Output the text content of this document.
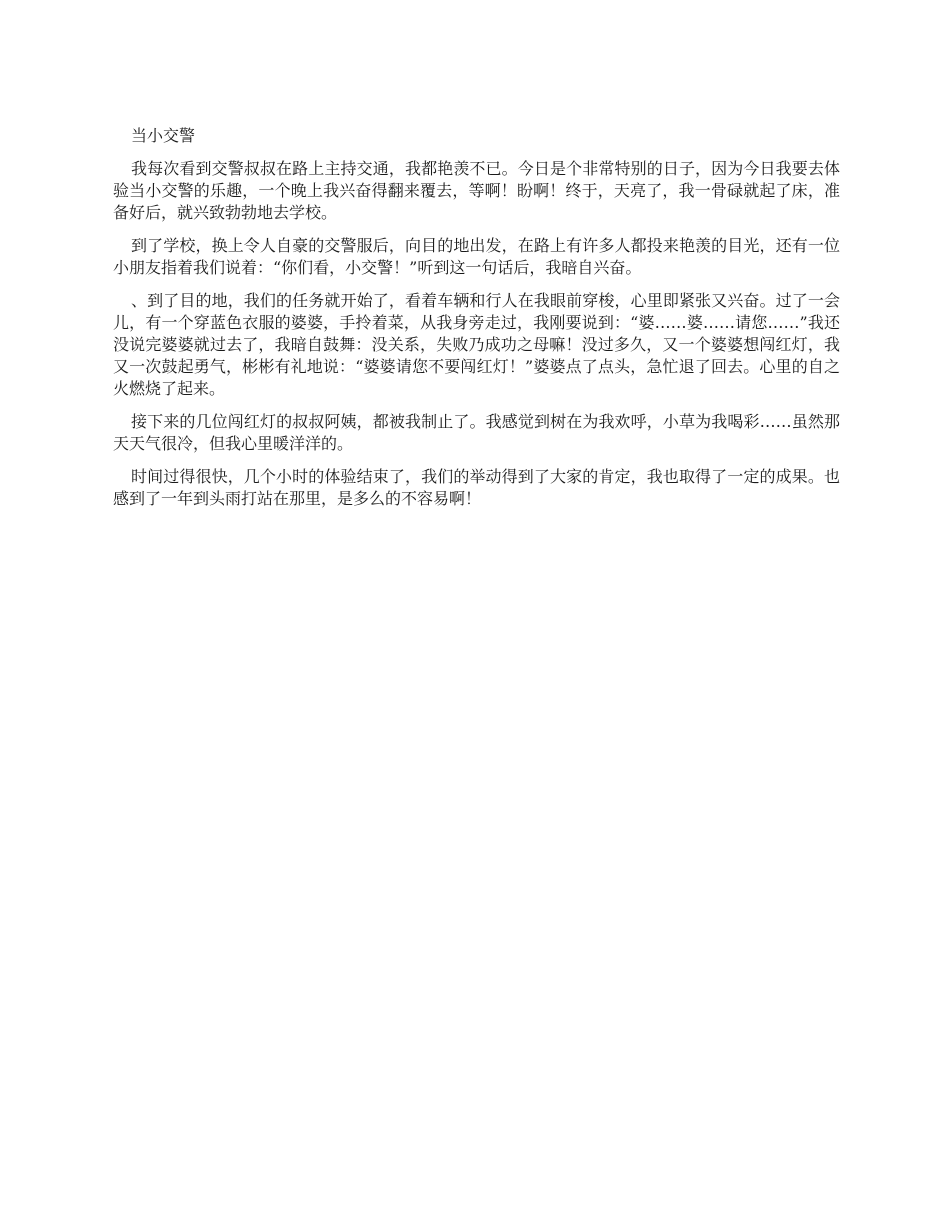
当小交警

我每次看到交警叔叔在路上主持交通，我都艳羡不已。今日是个非常特别的日子，因为今日我要去体验当小交警的乐趣，一个晚上我兴奋得翻来覆去，等啊！盼啊！终于，天亮了，我一骨碌就起了床，准备好后，就兴致勃勃地去学校。

到了学校，换上令人自豪的交警服后，向目的地出发，在路上有许多人都投来艳羡的目光，还有一位小朋友指着我们说着：“你们看，小交警！”听到这一句话后，我暗自兴奋。

、到了目的地，我们的任务就开始了，看着车辆和行人在我眼前穿梭，心里即紧张又兴奋。过了一会儿，有一个穿蓝色衣服的婆婆，手拎着菜，从我身旁走过，我刚要说到：“婆……婆……请您……”我还没说完婆婆就过去了，我暗自鼓舞：没关系，失败乃成功之母嘛！没过多久，又一个婆婆想闯红灯，我又一次鼓起勇气，彬彬有礼地说：“婆婆请您不要闯红灯！”婆婆点了点头，急忙退了回去。心里的自之火燃烧了起来。

接下来的几位闯红灯的叔叔阿姨，都被我制止了。我感觉到树在为我欢呼，小草为我喝彩……虽然那天天气很冷，但我心里暖洋洋的。

时间过得很快，几个小时的体验结束了，我们的举动得到了大家的肯定，我也取得了一定的成果。也感到了一年到头雨打站在那里，是多么的不容易啊！
